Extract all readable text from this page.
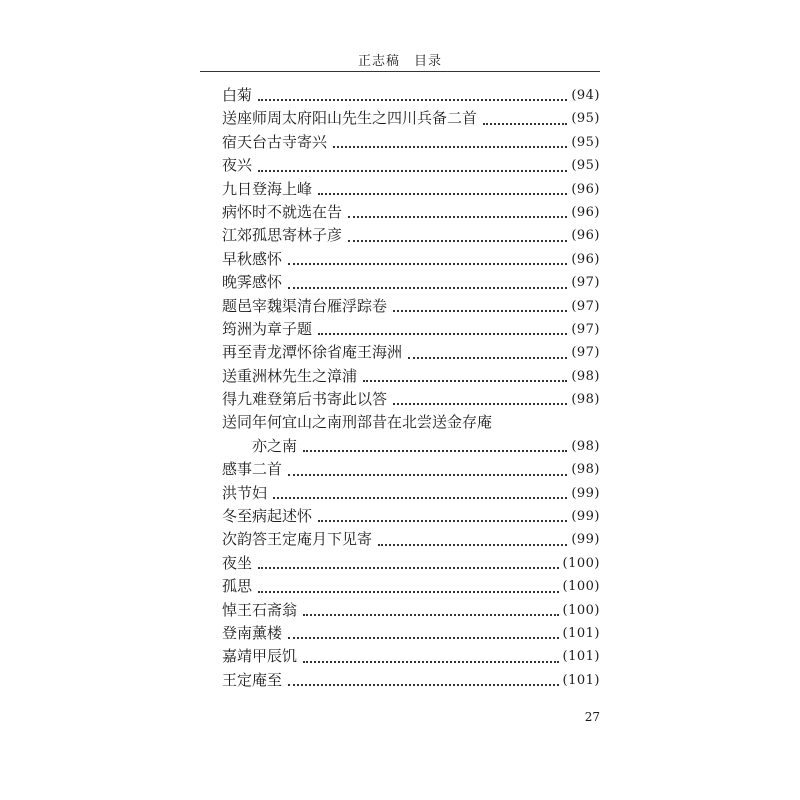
正志稿 目录
白菊	(94)
送座师周太府阳山先生之四川兵备二首	(95)
宿天台古寺寄兴	(95)
夜兴	(95)
九日登海上峰	(96)
病怀时不就选在告	(96)
江郊孤思寄林子彦	(96)
早秋感怀	(96)
晚霁感怀	(97)
题邑宰魏渠清台雁浮踪卷	(97)
筠洲为章子题	(97)
再至青龙潭怀徐省庵王海洲	(97)
送重洲林先生之漳浦	(98)
得九难登第后书寄此以答	(98)
送同年何宜山之南刑部昔在北尝送金存庵
亦之南	(98)
感事二首	(98)
洪节妇	(99)
冬至病起述怀	(99)
次韵答王定庵月下见寄	(99)
夜坐	(100)
孤思	(100)
悼王石斋翁	(100)
登南薰楼	(101)
嘉靖甲辰饥	(101)
王定庵至	(101)
27
